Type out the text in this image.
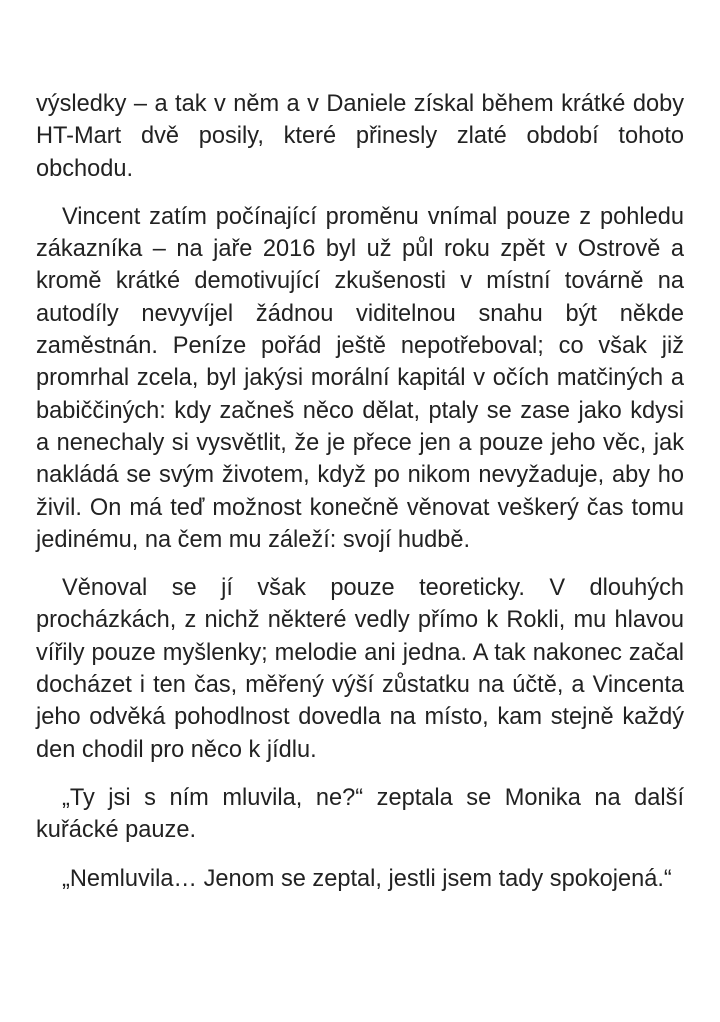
výsledky – a tak v něm a v Daniele získal během krátké doby HT-Mart dvě posily, které přinesly zlaté období tohoto obchodu.

Vincent zatím počínající proměnu vnímal pouze z pohledu zákazníka – na jaře 2016 byl už půl roku zpět v Ostrově a kromě krátké demotivující zkušenosti v místní továrně na autodíly nevyvíjel žádnou viditelnou snahu být někde zaměstnán. Peníze pořád ještě nepotřeboval; co však již promrhal zcela, byl jakýsi morální kapitál v očích matčiných a babiččiných: kdy začneš něco dělat, ptaly se zase jako kdysi a nenechaly si vysvětlit, že je přece jen a pouze jeho věc, jak nakládá se svým životem, když po nikom nevyžaduje, aby ho živil. On má teď možnost konečně věnovat veškerý čas tomu jedinému, na čem mu záleží: svojí hudbě.

Věnoval se jí však pouze teoreticky. V dlouhých procházkách, z nichž některé vedly přímo k Rokli, mu hlavou vířily pouze myšlenky; melodie ani jedna. A tak nakonec začal docházet i ten čas, měřený výší zůstatku na účtě, a Vincenta jeho odvěká pohodlnost dovedla na místo, kam stejně každý den chodil pro něco k jídlu.

„Ty jsi s ním mluvila, ne?“ zeptala se Monika na další kuřácké pauze.

„Nemluvila… Jenom se zeptal, jestli jsem tady spokojená.“
